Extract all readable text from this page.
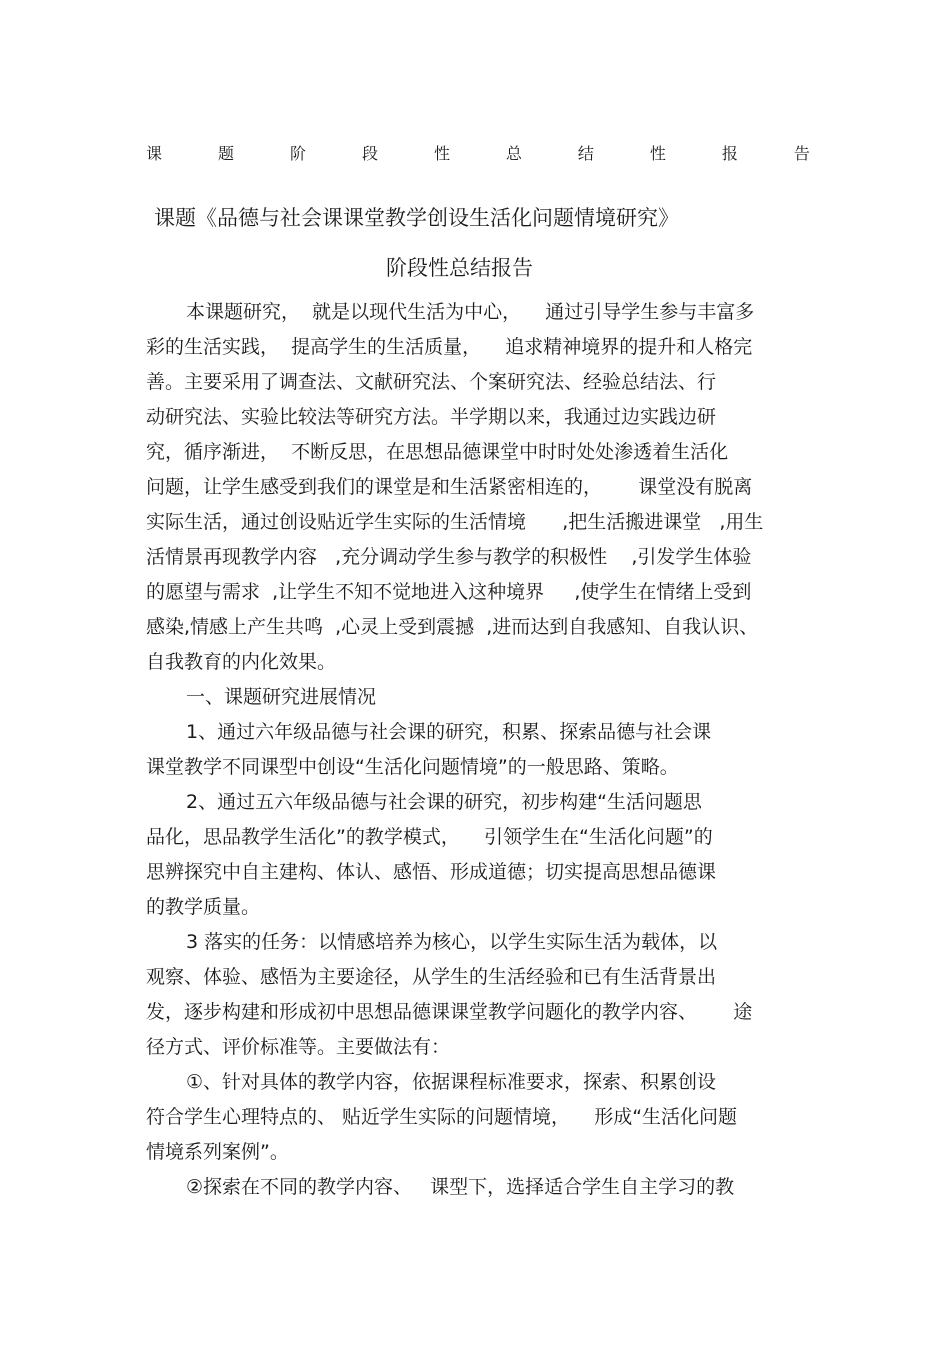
课	题	阶	段	性	总	结	性	报	告
课题《品德与社会课课堂教学创设生活化问题情境研究》
阶段性总结报告
本课题研究，  就是以现代生活为中心，    通过引导学生参与丰富多
彩的生活实践，  提高学生的生活质量，    追求精神境界的提升和人格完
善。主要采用了调查法、文献研究法、个案研究法、经验总结法、行
动研究法、实验比较法等研究方法。半学期以来，我通过边实践边研
究，循序渐进，  不断反思，在思想品德课堂中时时处处渗透着生活化
问题，让学生感受到我们的课堂是和生活紧密相连的，      课堂没有脱离
实际生活，通过创设贴近学生实际的生活情境      ,把生活搬进课堂   ,用生
活情景再现教学内容   ,充分调动学生参与教学的积极性    ,引发学生体验
的愿望与需求  ,让学生不知不觉地进入这种境界     ,使学生在情绪上受到
感染,情感上产生共鸣  ,心灵上受到震撼  ,进而达到自我感知、自我认识、
自我教育的内化效果。
一、课题研究进展情况
1、通过六年级品德与社会课的研究，积累、探索品德与社会课
课堂教学不同课型中创设“生活化问题情境”的一般思路、策略。
2、通过五六年级品德与社会课的研究，初步构建“生活问题思
品化，思品教学生活化”的教学模式，    引领学生在“生活化问题”的
思辨探究中自主建构、体认、感悟、形成道德；切实提高思想品德课
的教学质量。
3 落实的任务：以情感培养为核心，以学生实际生活为载体，以
观察、体验、感悟为主要途径，从学生的生活经验和已有生活背景出
发，逐步构建和形成初中思想品德课课堂教学问题化的教学内容、      途
径方式、评价标准等。主要做法有：
①、针对具体的教学内容，依据课程标准要求，探索、积累创设
符合学生心理特点的、 贴近学生实际的问题情境，    形成“生活化问题
情境系列案例”。
②探索在不同的教学内容、   课型下，选择适合学生自主学习的教
